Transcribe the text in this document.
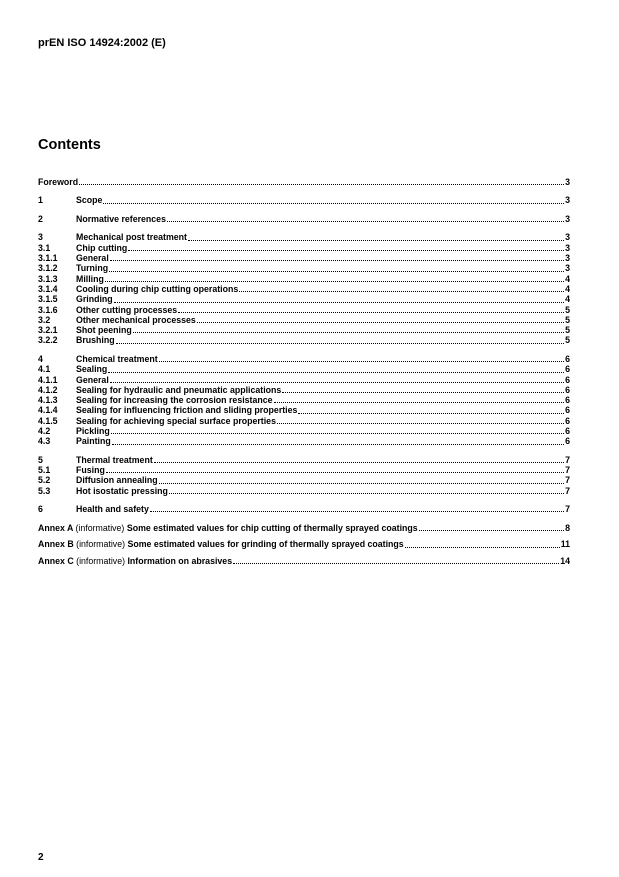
prEN ISO 14924:2002 (E)
Contents
Foreword	3
1	Scope	3
2	Normative references	3
3	Mechanical post treatment	3
3.1	Chip cutting	3
3.1.1	General	3
3.1.2	Turning	3
3.1.3	Milling	4
3.1.4	Cooling during chip cutting operations	4
3.1.5	Grinding	4
3.1.6	Other cutting processes	5
3.2	Other mechanical processes	5
3.2.1	Shot peening	5
3.2.2	Brushing	5
4	Chemical treatment	6
4.1	Sealing	6
4.1.1	General	6
4.1.2	Sealing for hydraulic and pneumatic applications	6
4.1.3	Sealing for increasing the corrosion resistance	6
4.1.4	Sealing for influencing friction and sliding properties	6
4.1.5	Sealing for achieving special surface properties	6
4.2	Pickling	6
4.3	Painting	6
5	Thermal treatment	7
5.1	Fusing	7
5.2	Diffusion annealing	7
5.3	Hot isostatic pressing	7
6	Health and safety	7
Annex A (informative) Some estimated values for chip cutting of thermally sprayed coatings	8
Annex B (informative) Some estimated values for grinding of thermally sprayed coatings	11
Annex C (informative) Information on abrasives	14
2
